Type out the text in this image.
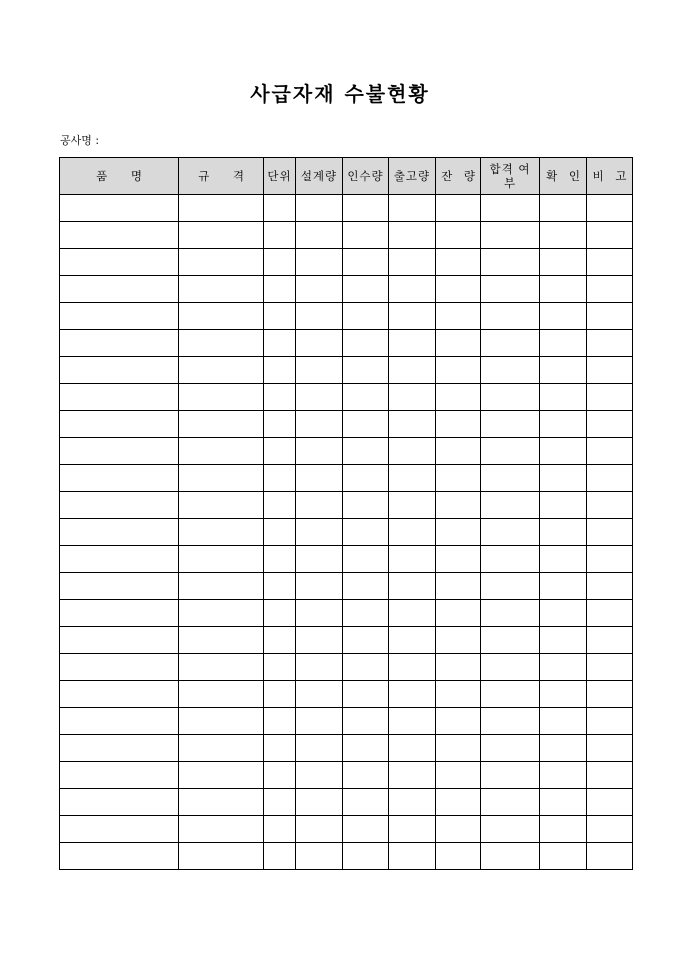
사급자재 수불현황
공사명 :
품 명	규 격	단위	설계량	인수량	출고량	잔 량	합격 여부	확 인	비 고
